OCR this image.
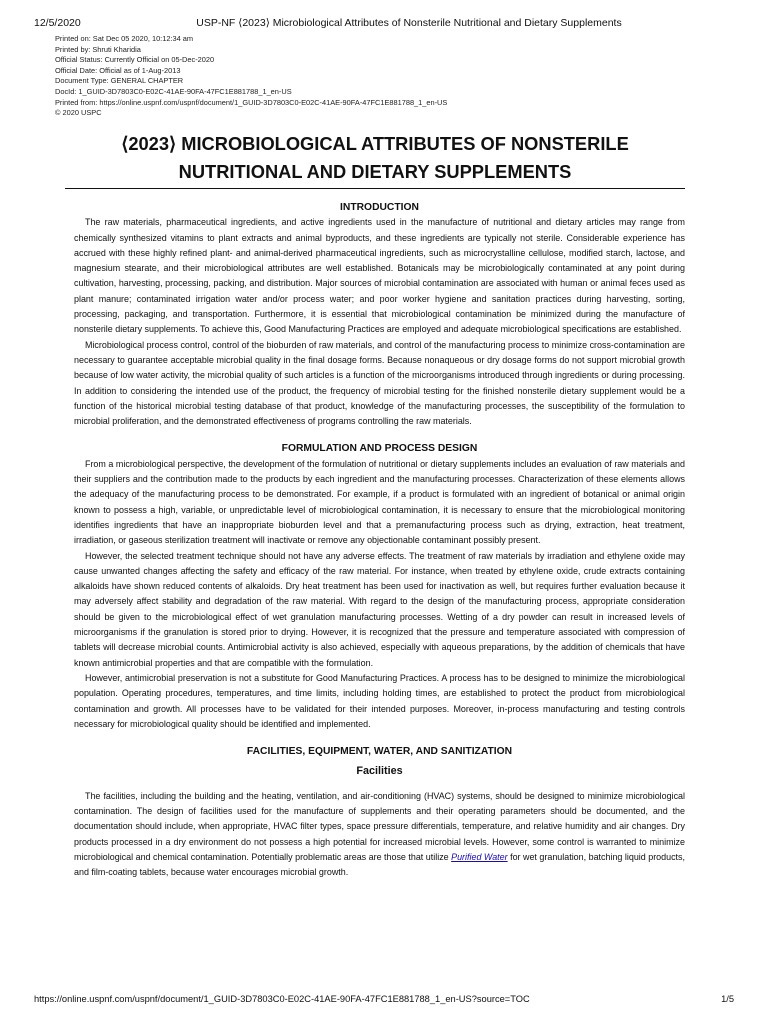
12/5/2020	USP-NF ⟨2023⟩ Microbiological Attributes of Nonsterile Nutritional and Dietary Supplements
Printed on: Sat Dec 05 2020, 10:12:34 am
Printed by: Shruti Kharidia
Official Status: Currently Official on 05-Dec-2020
Official Date: Official as of 1-Aug-2013
Document Type: GENERAL CHAPTER
DocId: 1_GUID-3D7803C0-E02C-41AE-90FA-47FC1E881788_1_en-US
Printed from: https://online.uspnf.com/uspnf/document/1_GUID-3D7803C0-E02C-41AE-90FA-47FC1E881788_1_en-US
© 2020 USPC
⟨2023⟩ MICROBIOLOGICAL ATTRIBUTES OF NONSTERILE
NUTRITIONAL AND DIETARY SUPPLEMENTS
INTRODUCTION

The raw materials, pharmaceutical ingredients, and active ingredients used in the manufacture of nutritional and dietary articles may range from chemically synthesized vitamins to plant extracts and animal byproducts, and these ingredients are typically not sterile. Considerable experience has accrued with these highly refined plant- and animal-derived pharmaceutical ingredients, such as microcrystalline cellulose, modified starch, lactose, and magnesium stearate, and their microbiological attributes are well established. Botanicals may be microbiologically contaminated at any point during cultivation, harvesting, processing, packing, and distribution. Major sources of microbial contamination are associated with human or animal feces used as plant manure; contaminated irrigation water and/or process water; and poor worker hygiene and sanitation practices during harvesting, sorting, processing, packaging, and transportation. Furthermore, it is essential that microbiological contamination be minimized during the manufacture of nonsterile dietary supplements. To achieve this, Good Manufacturing Practices are employed and adequate microbiological specifications are established.

Microbiological process control, control of the bioburden of raw materials, and control of the manufacturing process to minimize cross-contamination are necessary to guarantee acceptable microbial quality in the final dosage forms. Because nonaqueous or dry dosage forms do not support microbial growth because of low water activity, the microbial quality of such articles is a function of the microorganisms introduced through ingredients or during processing. In addition to considering the intended use of the product, the frequency of microbial testing for the finished nonsterile dietary supplement would be a function of the historical microbial testing database of that product, knowledge of the manufacturing processes, the susceptibility of the formulation to microbial proliferation, and the demonstrated effectiveness of programs controlling the raw materials.

FORMULATION AND PROCESS DESIGN

From a microbiological perspective, the development of the formulation of nutritional or dietary supplements includes an evaluation of raw materials and their suppliers and the contribution made to the products by each ingredient and the manufacturing processes. Characterization of these elements allows the adequacy of the manufacturing process to be demonstrated. For example, if a product is formulated with an ingredient of botanical or animal origin known to possess a high, variable, or unpredictable level of microbiological contamination, it is necessary to ensure that the microbiological monitoring identifies ingredients that have an inappropriate bioburden level and that a premanufacturing process such as drying, extraction, heat treatment, irradiation, or gaseous sterilization treatment will inactivate or remove any objectionable contaminant possibly present.

However, the selected treatment technique should not have any adverse effects. The treatment of raw materials by irradiation and ethylene oxide may cause unwanted changes affecting the safety and efficacy of the raw material. For instance, when treated by ethylene oxide, crude extracts containing alkaloids have shown reduced contents of alkaloids. Dry heat treatment has been used for inactivation as well, but requires further evaluation because it may adversely affect stability and degradation of the raw material. With regard to the design of the manufacturing process, appropriate consideration should be given to the microbiological effect of wet granulation manufacturing processes. Wetting of a dry powder can result in increased levels of microorganisms if the granulation is stored prior to drying. However, it is recognized that the pressure and temperature associated with compression of tablets will decrease microbial counts. Antimicrobial activity is also achieved, especially with aqueous preparations, by the addition of chemicals that have known antimicrobial properties and that are compatible with the formulation.

However, antimicrobial preservation is not a substitute for Good Manufacturing Practices. A process has to be designed to minimize the microbiological population. Operating procedures, temperatures, and time limits, including holding times, are established to protect the product from microbiological contamination and growth. All processes have to be validated for their intended purposes. Moreover, in-process manufacturing and testing controls necessary for microbiological quality should be identified and implemented.

FACILITIES, EQUIPMENT, WATER, AND SANITIZATION
Facilities

The facilities, including the building and the heating, ventilation, and air-conditioning (HVAC) systems, should be designed to minimize microbiological contamination. The design of facilities used for the manufacture of supplements and their operating parameters should be documented, and the documentation should include, when appropriate, HVAC filter types, space pressure differentials, temperature, and relative humidity and air changes. Dry products processed in a dry environment do not possess a high potential for increased microbial levels. However, some control is warranted to minimize microbiological and chemical contamination. Potentially problematic areas are those that utilize Purified Water for wet granulation, batching liquid products, and film-coating tablets, because water encourages microbial growth.

https://online.uspnf.com/uspnf/document/1_GUID-3D7803C0-E02C-41AE-90FA-47FC1E881788_1_en-US?source=TOC	1/5
